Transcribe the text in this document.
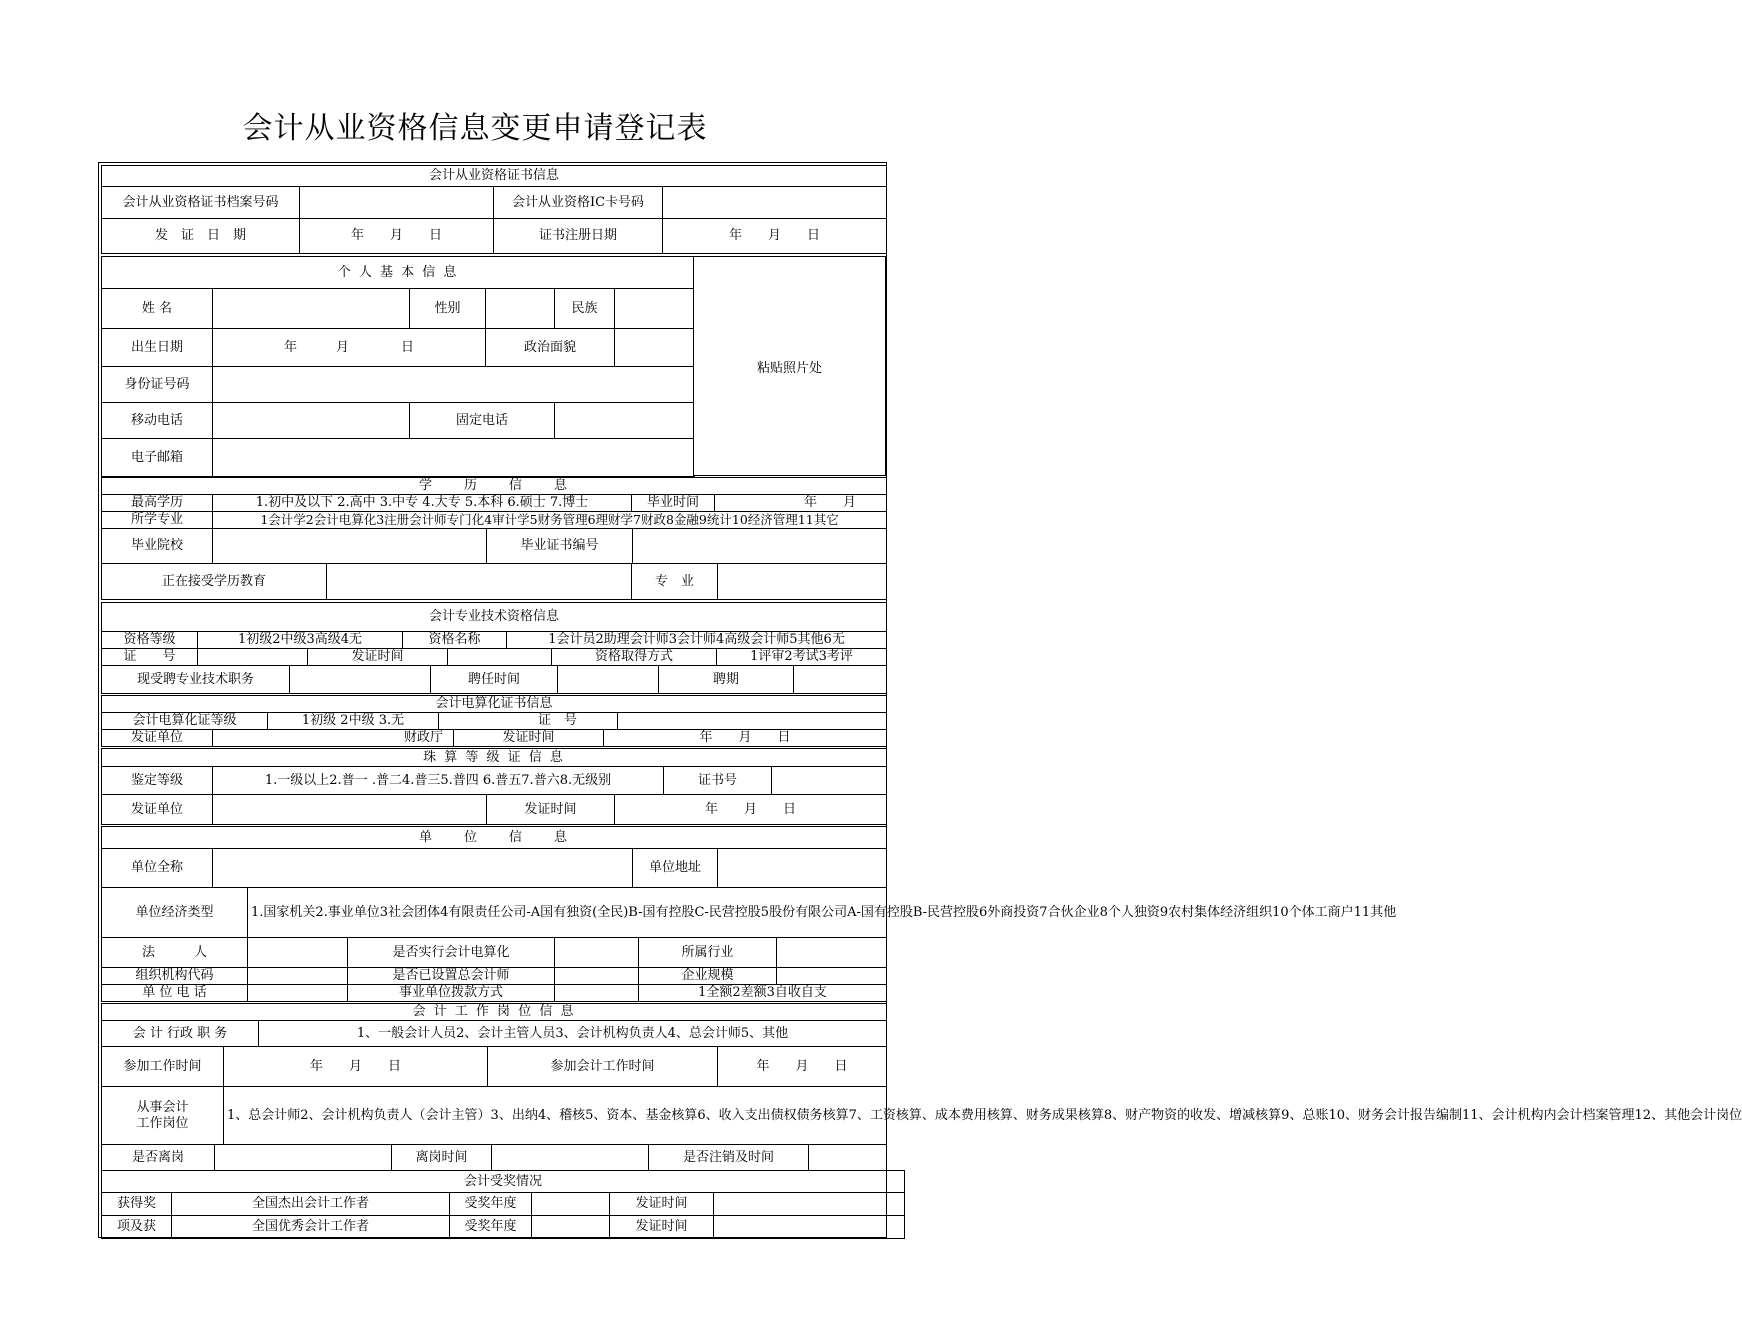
会计从业资格信息变更申请登记表
会计从业资格证书信息			
会计从业资格证书档案号码		会计从业资格IC卡号码	
发　证　日　期	年　　月　　日	证书注册日期	年　　月　　日
个 人 基 本 信 息					
姓 名		性别		民族	
出生日期	年　　　月　　　　日		政治面貌		
身份证号码					
移动电话		固定电话			
电子邮箱					
粘贴照片处
学　　历　　信　　息			
最高学历	1.初中及以下 2.高中 3.中专 4.大专 5.本科 6.硕士 7.博士	毕业时间	年　　月
所学专业	1会计学2会计电算化3注册会计师专门化4审计学5财务管理6理财学7财政8金融9统计10经济管理11其它		
毕业院校		毕业证书编号	
正在接受学历教育		专　业	
会计专业技术资格信息
资格等级	1初级2中级3高级4无	资格名称	1会计员2助理会计师3会计师4高级会计师5其他6无
证　　号		发证时间		资格取得方式	1评审2考试3考评
现受聘专业技术职务		聘任时间		聘期	
会计电算化证书信息
会计电算化证等级	1初级 2中级 3.无	证　号	
发证单位	财政厅	发证时间	年　　月　　日
珠 算 等 级 证 信 息
鉴定等级	1.一级以上2.普一 .普二4.普三5.普四 6.普五7.普六8.无级别	证书号	
发证单位		发证时间	年　　月　　日
单　　位　　信　　息
单位全称		单位地址	
单位经济类型	1.国家机关2.事业单位3社会团体4有限责任公司-A国有独资(全民)B-国有控股C-民营控股5股份有限公司A-国有控股B-民营控股6外商投资7合伙企业8个人独资9农村集体经济组织10个体工商户11其他
法　　　人		是否实行会计电算化		所属行业	
组织机构代码		是否已设置总会计师		企业规模	
单 位 电 话		事业单位拨款方式		1全额2差额3自收自支	
会 计 工 作 岗 位 信 息
会 计 行政 职 务	1、一般会计人员2、会计主管人员3、会计机构负责人4、总会计师5、其他
参加工作时间	年　　月　　日	参加会计工作时间	年　　月　　日
从事会计
工作岗位	1、总会计师2、会计机构负责人（会计主管）3、出纳4、稽核5、资本、基金核算6、收入支出债权债务核算7、工资核算、成本费用核算、财务成果核算8、财产物资的收发、增减核算9、总账10、财务会计报告编制11、会计机构内会计档案管理12、其他会计岗位
是否离岗		离岗时间		是否注销及时间	
会计受奖情况					
获得奖	全国杰出会计工作者	受奖年度		发证时间	
项及获	全国优秀会计工作者	受奖年度		发证时间	
